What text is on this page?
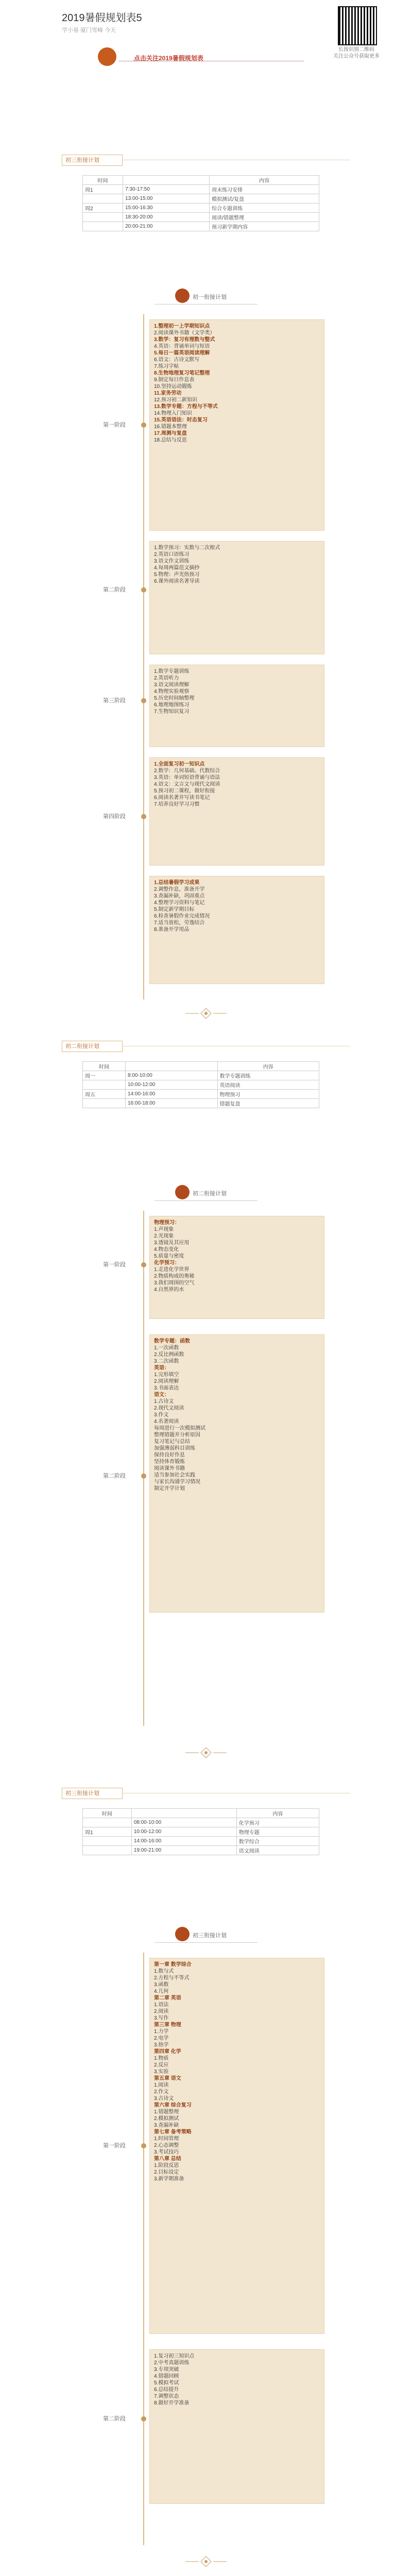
2019暑假规划表5
学小易 厦门雪峰 今天
长按识别二维码
关注公众号获取更多
点击关注2019暑假规划表
初三衔接计划
时间		内容
周1	7:30-17:50	周末练习安排
	13:00-15:00	模拟测试/复盘
周2	15:00-16:30	综合专题训练
	18:30-20:00	阅读/错题整理
	20:00-21:00	预习新学期内容
初一衔接计划
第一阶段
1.整理初一上学期知识点
2.阅读课外书籍（文学类）
3.数学：复习有理数与整式
4.英语：背诵单词与短语
5.每日一篇英语阅读理解
6.语文：古诗文默写
7.练习字帖
8.生物地理复习笔记整理
9.制定每日作息表
10.坚持运动锻炼
11.家务劳动
12.预习初二新知识
13.数学专题：方程与不等式
14.物理入门知识
15.英语语法：时态复习
16.错题本整理
17.周测与复盘
18.总结与反思
第二阶段
1.数学预习：实数与二次根式
2.英语口语练习
3.语文作文训练
4.每周两篇范文摘抄
5.物理：声光热预习
6.课外阅读名著导读
第三阶段
1.数学专题训练
2.英语听力
3.语文阅读理解
4.物理实验观察
5.历史时间轴整理
6.地理地图练习
7.生物知识复习
第四阶段
1.全面复习初一知识点
2.数学：几何基础、代数综合
3.英语：单词短语背诵与语法
4.语文：文言文与现代文阅读
5.预习初二课程，做好衔接
6.阅读名著并写读书笔记
7.培养良好学习习惯
1.总结暑假学习成果
2.调整作息，准备开学
3.查漏补缺，巩固重点
4.整理学习资料与笔记
5.制定新学期目标
6.检查暑假作业完成情况
7.适当放松，劳逸结合
8.准备开学用品
初二衔接计划
时间		内容
周一	8:00-10:00	数学专题训练
	10:00-12:00	英语阅读
周五	14:00-16:00	物理预习
	16:00-18:00	错题复盘
初二衔接计划
第一阶段
物理预习：
1.声现象
2.光现象
3.透镜及其应用
4.物态变化
5.质量与密度
化学预习：
1.走进化学世界
2.物质构成的奥秘
3.我们周围的空气
4.自然界的水
第二阶段
数学专题：函数
1.一次函数
2.反比例函数
3.二次函数
英语：
1.完形填空
2.阅读理解
3.书面表达
语文：
1.古诗文
2.现代文阅读
3.作文
4.名著阅读
每周进行一次模拟测试
整理错题并分析原因
复习笔记与总结
加强薄弱科目训练
保持良好作息
坚持体育锻炼
阅读课外书籍
适当参加社会实践
与家长沟通学习情况
制定开学计划
初三衔接计划
时间		内容
	08:00-10:00	化学预习
周1	10:00-12:00	物理专题
	14:00-16:00	数学综合
	19:00-21:00	语文阅读
初三衔接计划
第一阶段
第一章 数学综合
1.数与式
2.方程与不等式
3.函数
4.几何
第二章 英语
1.语法
2.阅读
3.写作
第三章 物理
1.力学
2.电学
3.热学
第四章 化学
1.物质
2.反应
3.实验
第五章 语文
1.阅读
2.作文
3.古诗文
第六章 综合复习
1.错题整理
2.模拟测试
3.查漏补缺
第七章 备考策略
1.时间管理
2.心态调整
3.考试技巧
第八章 总结
1.阶段反思
2.目标设定
3.新学期准备
第二阶段
1.复习初三知识点
2.中考真题训练
3.专项突破
4.错题回顾
5.模拟考试
6.总结提升
7.调整状态
8.做好开学准备
